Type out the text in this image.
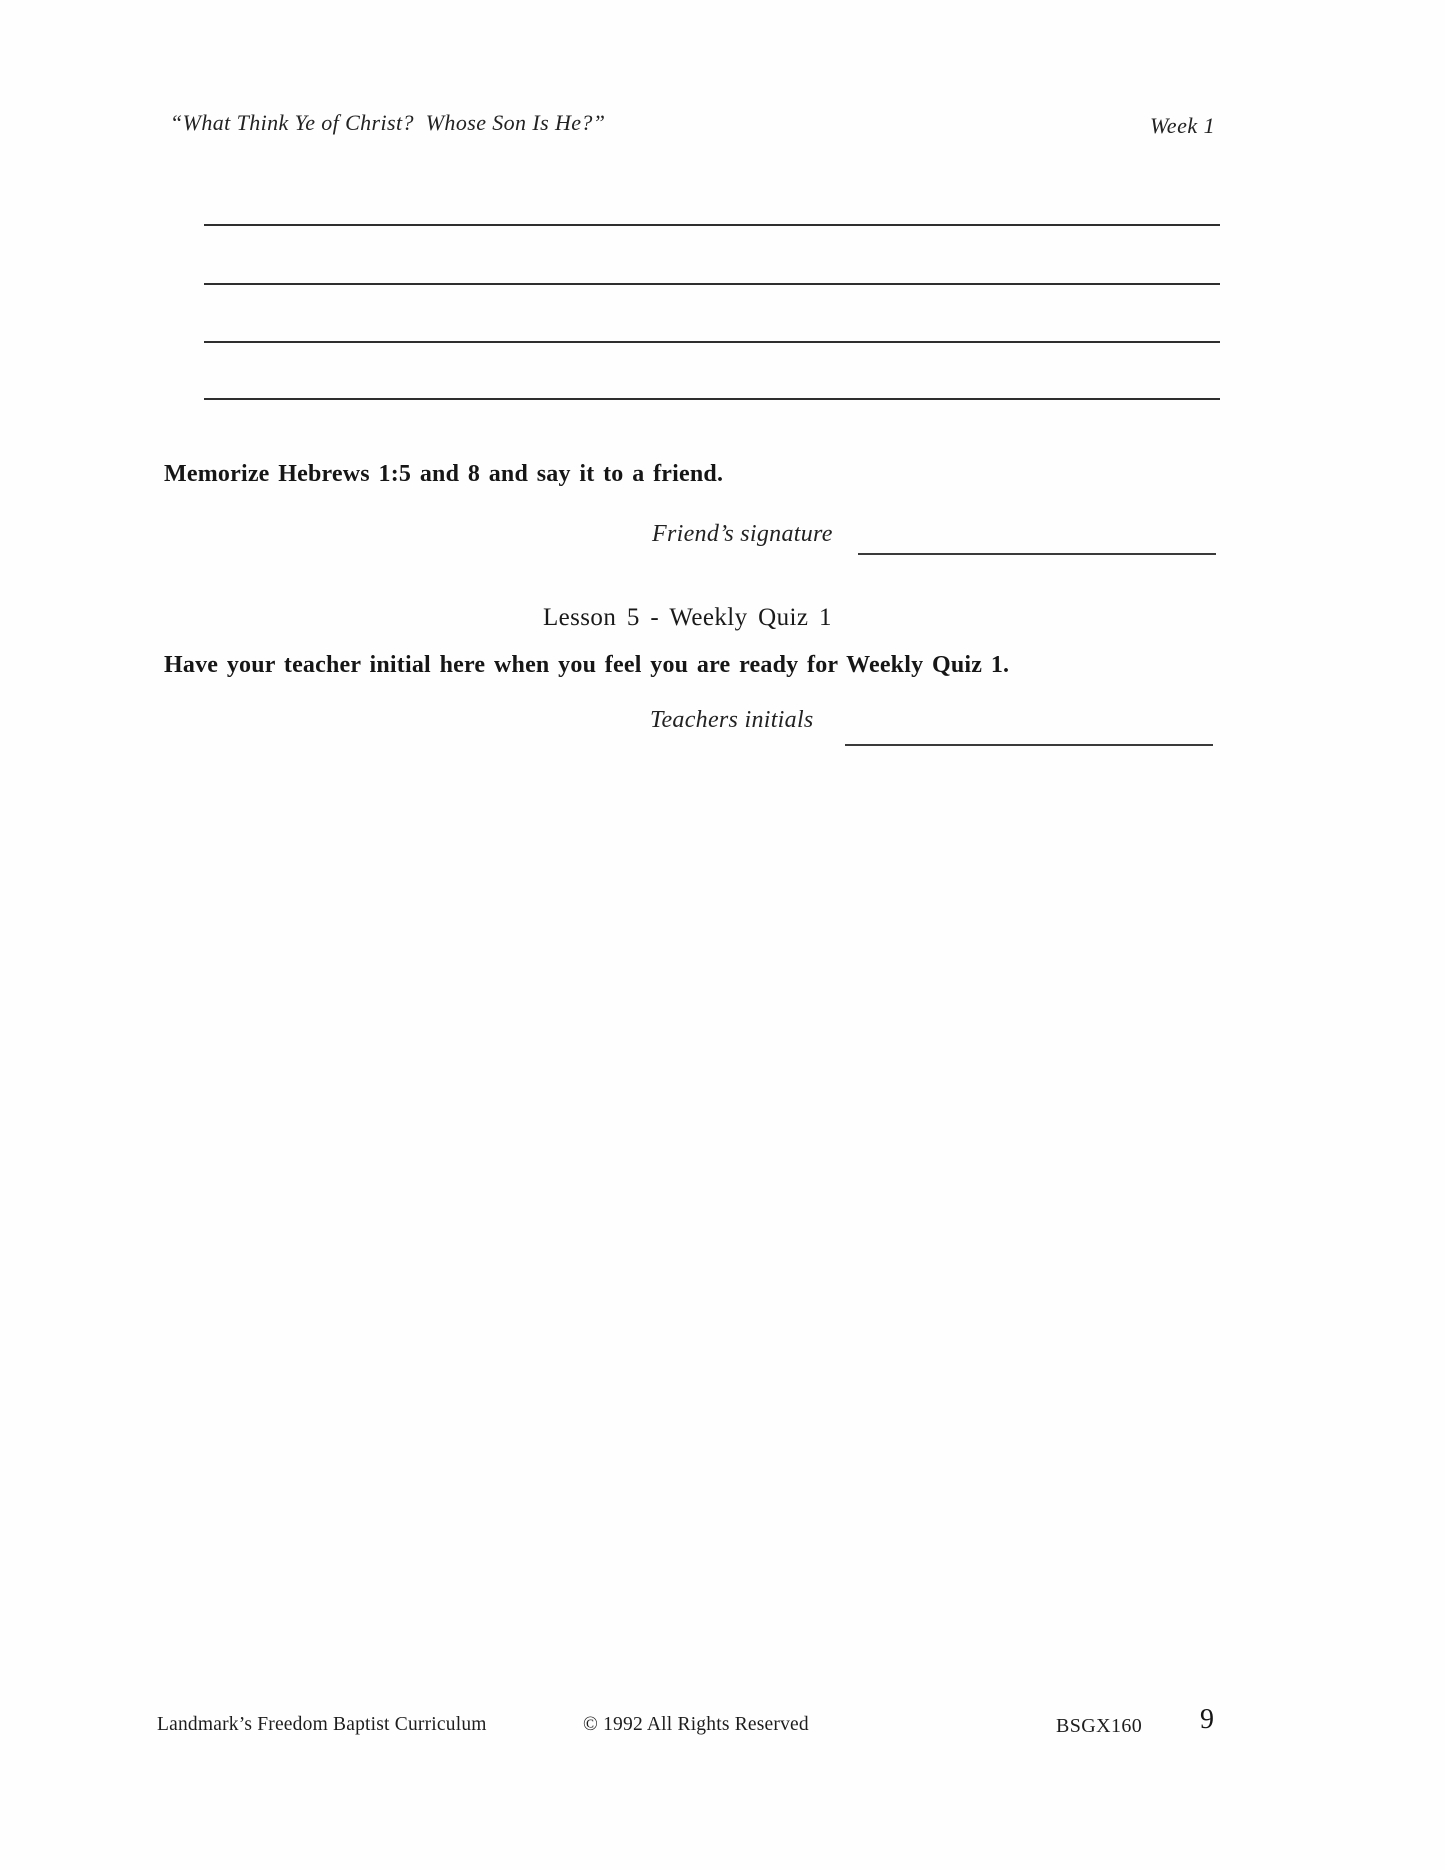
“What Think Ye of Christ?  Whose Son Is He?”	Week 1
Memorize Hebrews 1:5 and 8 and say it to a friend.
Friend’s signature
Lesson 5 - Weekly Quiz 1
Have your teacher initial here when you feel you are ready for Weekly Quiz 1.
Teachers initials
Landmark’s Freedom Baptist Curriculum	© 1992 All Rights Reserved	BSGX160 9
